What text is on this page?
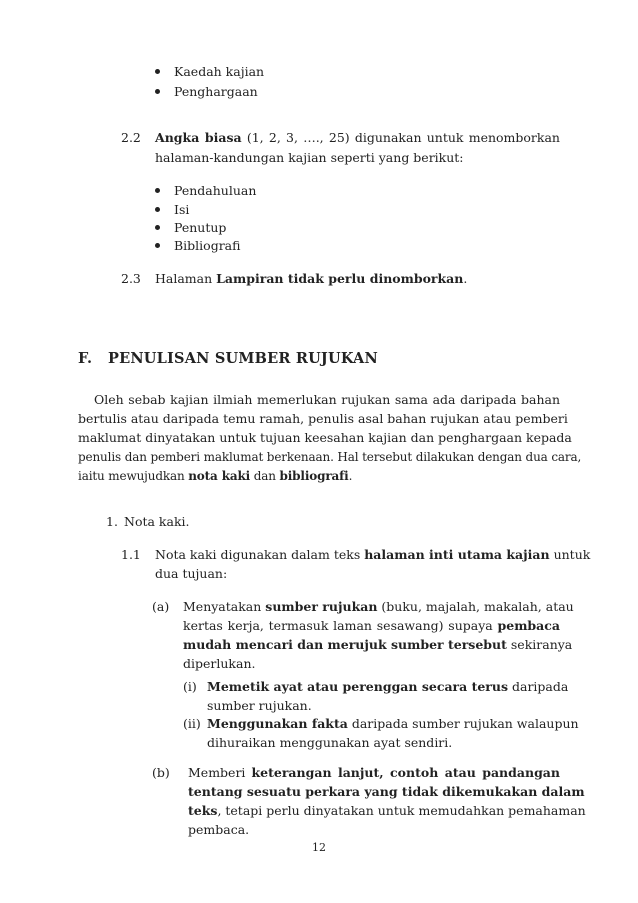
Kaedah kajian
Penghargaan
2.2 Angka biasa (1, 2, 3, …., 25) digunakan untuk menomborkan
halaman-kandungan kajian seperti yang berikut:
Pendahuluan
Isi
Penutup
Bibliografi
2.3 Halaman Lampiran tidak perlu dinomborkan.
F. PENULISAN SUMBER RUJUKAN
Oleh sebab kajian ilmiah memerlukan rujukan sama ada daripada bahan
bertulis atau daripada temu ramah, penulis asal bahan rujukan atau pemberi
maklumat dinyatakan untuk tujuan keesahan kajian dan penghargaan kepada
penulis dan pemberi maklumat berkenaan. Hal tersebut dilakukan dengan dua cara,
iaitu mewujudkan nota kaki dan bibliografi.
1. Nota kaki.
1.1 Nota kaki digunakan dalam teks halaman inti utama kajian untuk
dua tujuan:
(a) Menyatakan sumber rujukan (buku, majalah, makalah, atau
kertas kerja, termasuk laman sesawang) supaya pembaca
mudah mencari dan merujuk sumber tersebut sekiranya
diperlukan.
(i) Memetik ayat atau perenggan secara terus daripada
sumber rujukan.
(ii) Menggunakan fakta daripada sumber rujukan walaupun
dihuraikan menggunakan ayat sendiri.
(b) Memberi keterangan lanjut, contoh atau pandangan
tentang sesuatu perkara yang tidak dikemukakan dalam
teks, tetapi perlu dinyatakan untuk memudahkan pemahaman
pembaca.
12
